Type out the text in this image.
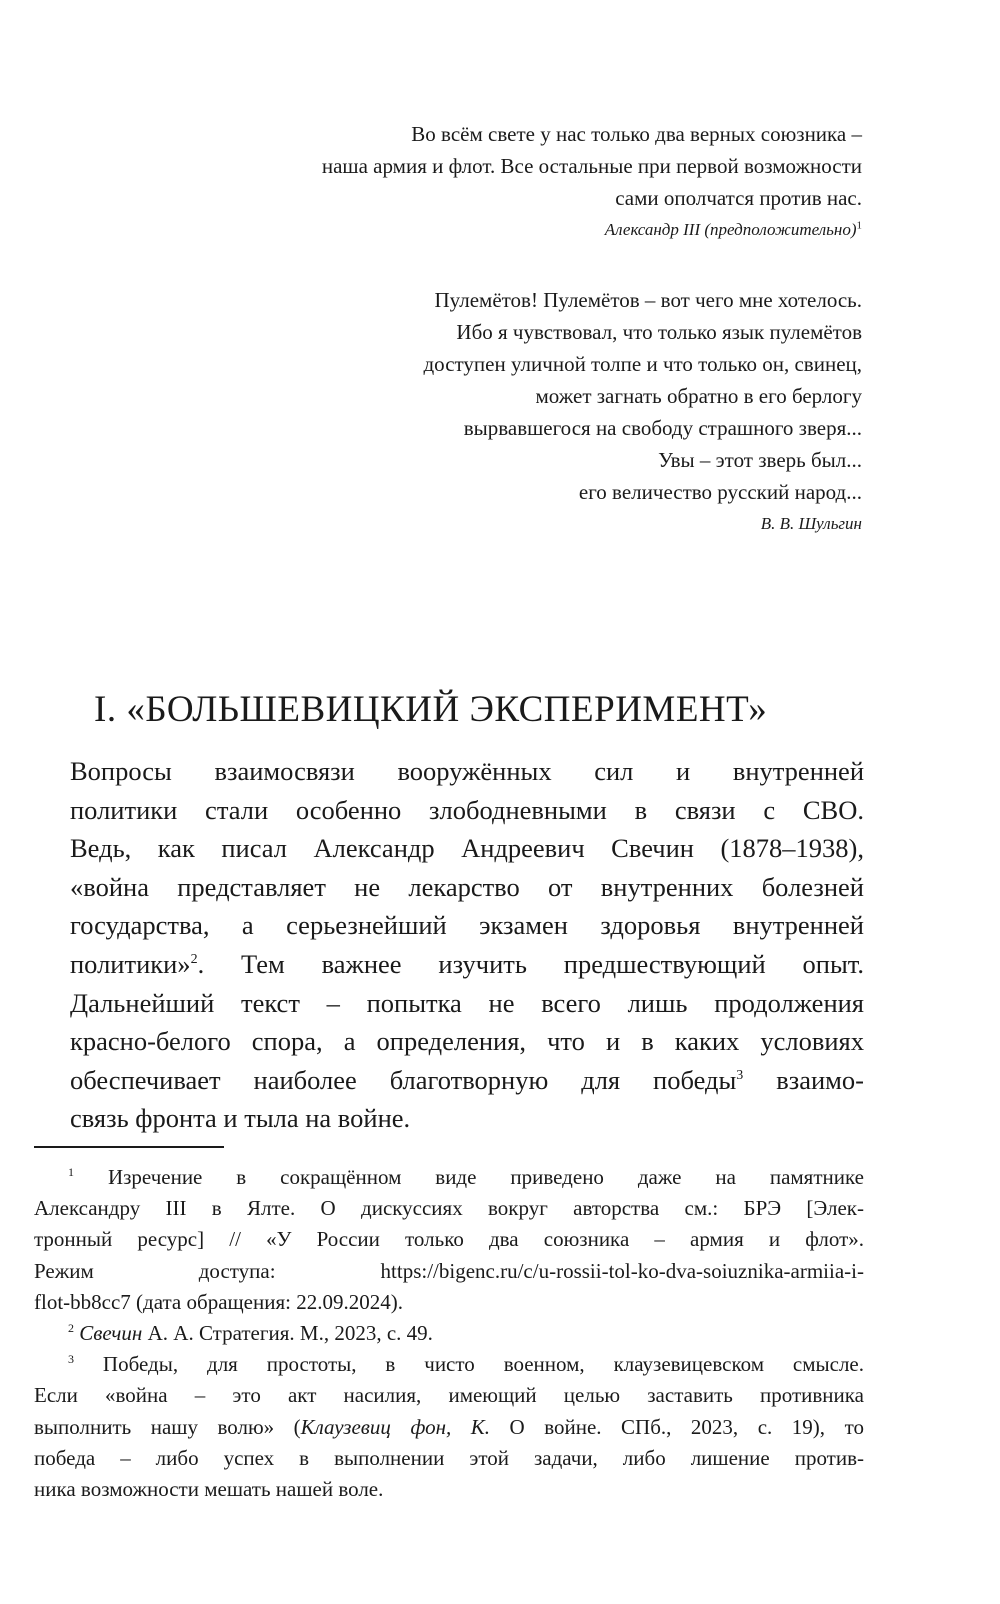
Во всём свете у нас только два верных союзника –
наша армия и флот. Все остальные при первой возможности
сами ополчатся против нас.
Александр III (предположительно)$^1$
Пулемётов! Пулемётов – вот чего мне хотелось.
Ибо я чувствовал, что только язык пулемётов
доступен уличной толпе и что только он, свинец,
может загнать обратно в его берлогу
вырвавшегося на свободу страшного зверя...
Увы – этот зверь был...
его величество русский народ...
В. В. Шульгин
I. «БОЛЬШЕВИЦКИЙ ЭКСПЕРИМЕНТ»
Вопросы взаимосвязи вооружённых сил и внутренней
политики стали особенно злободневными в связи с СВО.
Ведь, как писал Александр Андреевич Свечин (1878–1938),
«война представляет не лекарство от внутренних болезней
государства, а серьезнейший экзамен здоровья внутренней
политики»$^2$. Тем важнее изучить предшествующий опыт.
Дальнейший текст – попытка не всего лишь продолжения
красно-белого спора, а определения, что и в каких условиях
обеспечивает наиболее благотворную для победы$^3$ взаимо-
связь фронта и тыла на войне.
$^1$ Изречение в сокращённом виде приведено даже на памятнике
Александру III в Ялте. О дискуссиях вокруг авторства см.: БРЭ [Элек-
тронный ресурс] // «У России только два союзника – армия и флот».
Режим доступа: https://bigenc.ru/c/u-rossii-tol-ko-dva-soiuznika-armiia-i-
flot-bb8cc7 (дата обращения: 22.09.2024).
$^2$ Свечин А. А. Стратегия. М., 2023, с. 49.
$^3$ Победы, для простоты, в чисто военном, клаузевицевском смысле.
Если «война – это акт насилия, имеющий целью заставить противника
выполнить нашу волю» (Клаузевиц фон, К. О войне. СПб., 2023, с. 19), то
победа – либо успех в выполнении этой задачи, либо лишение против-
ника возможности мешать нашей воле.
